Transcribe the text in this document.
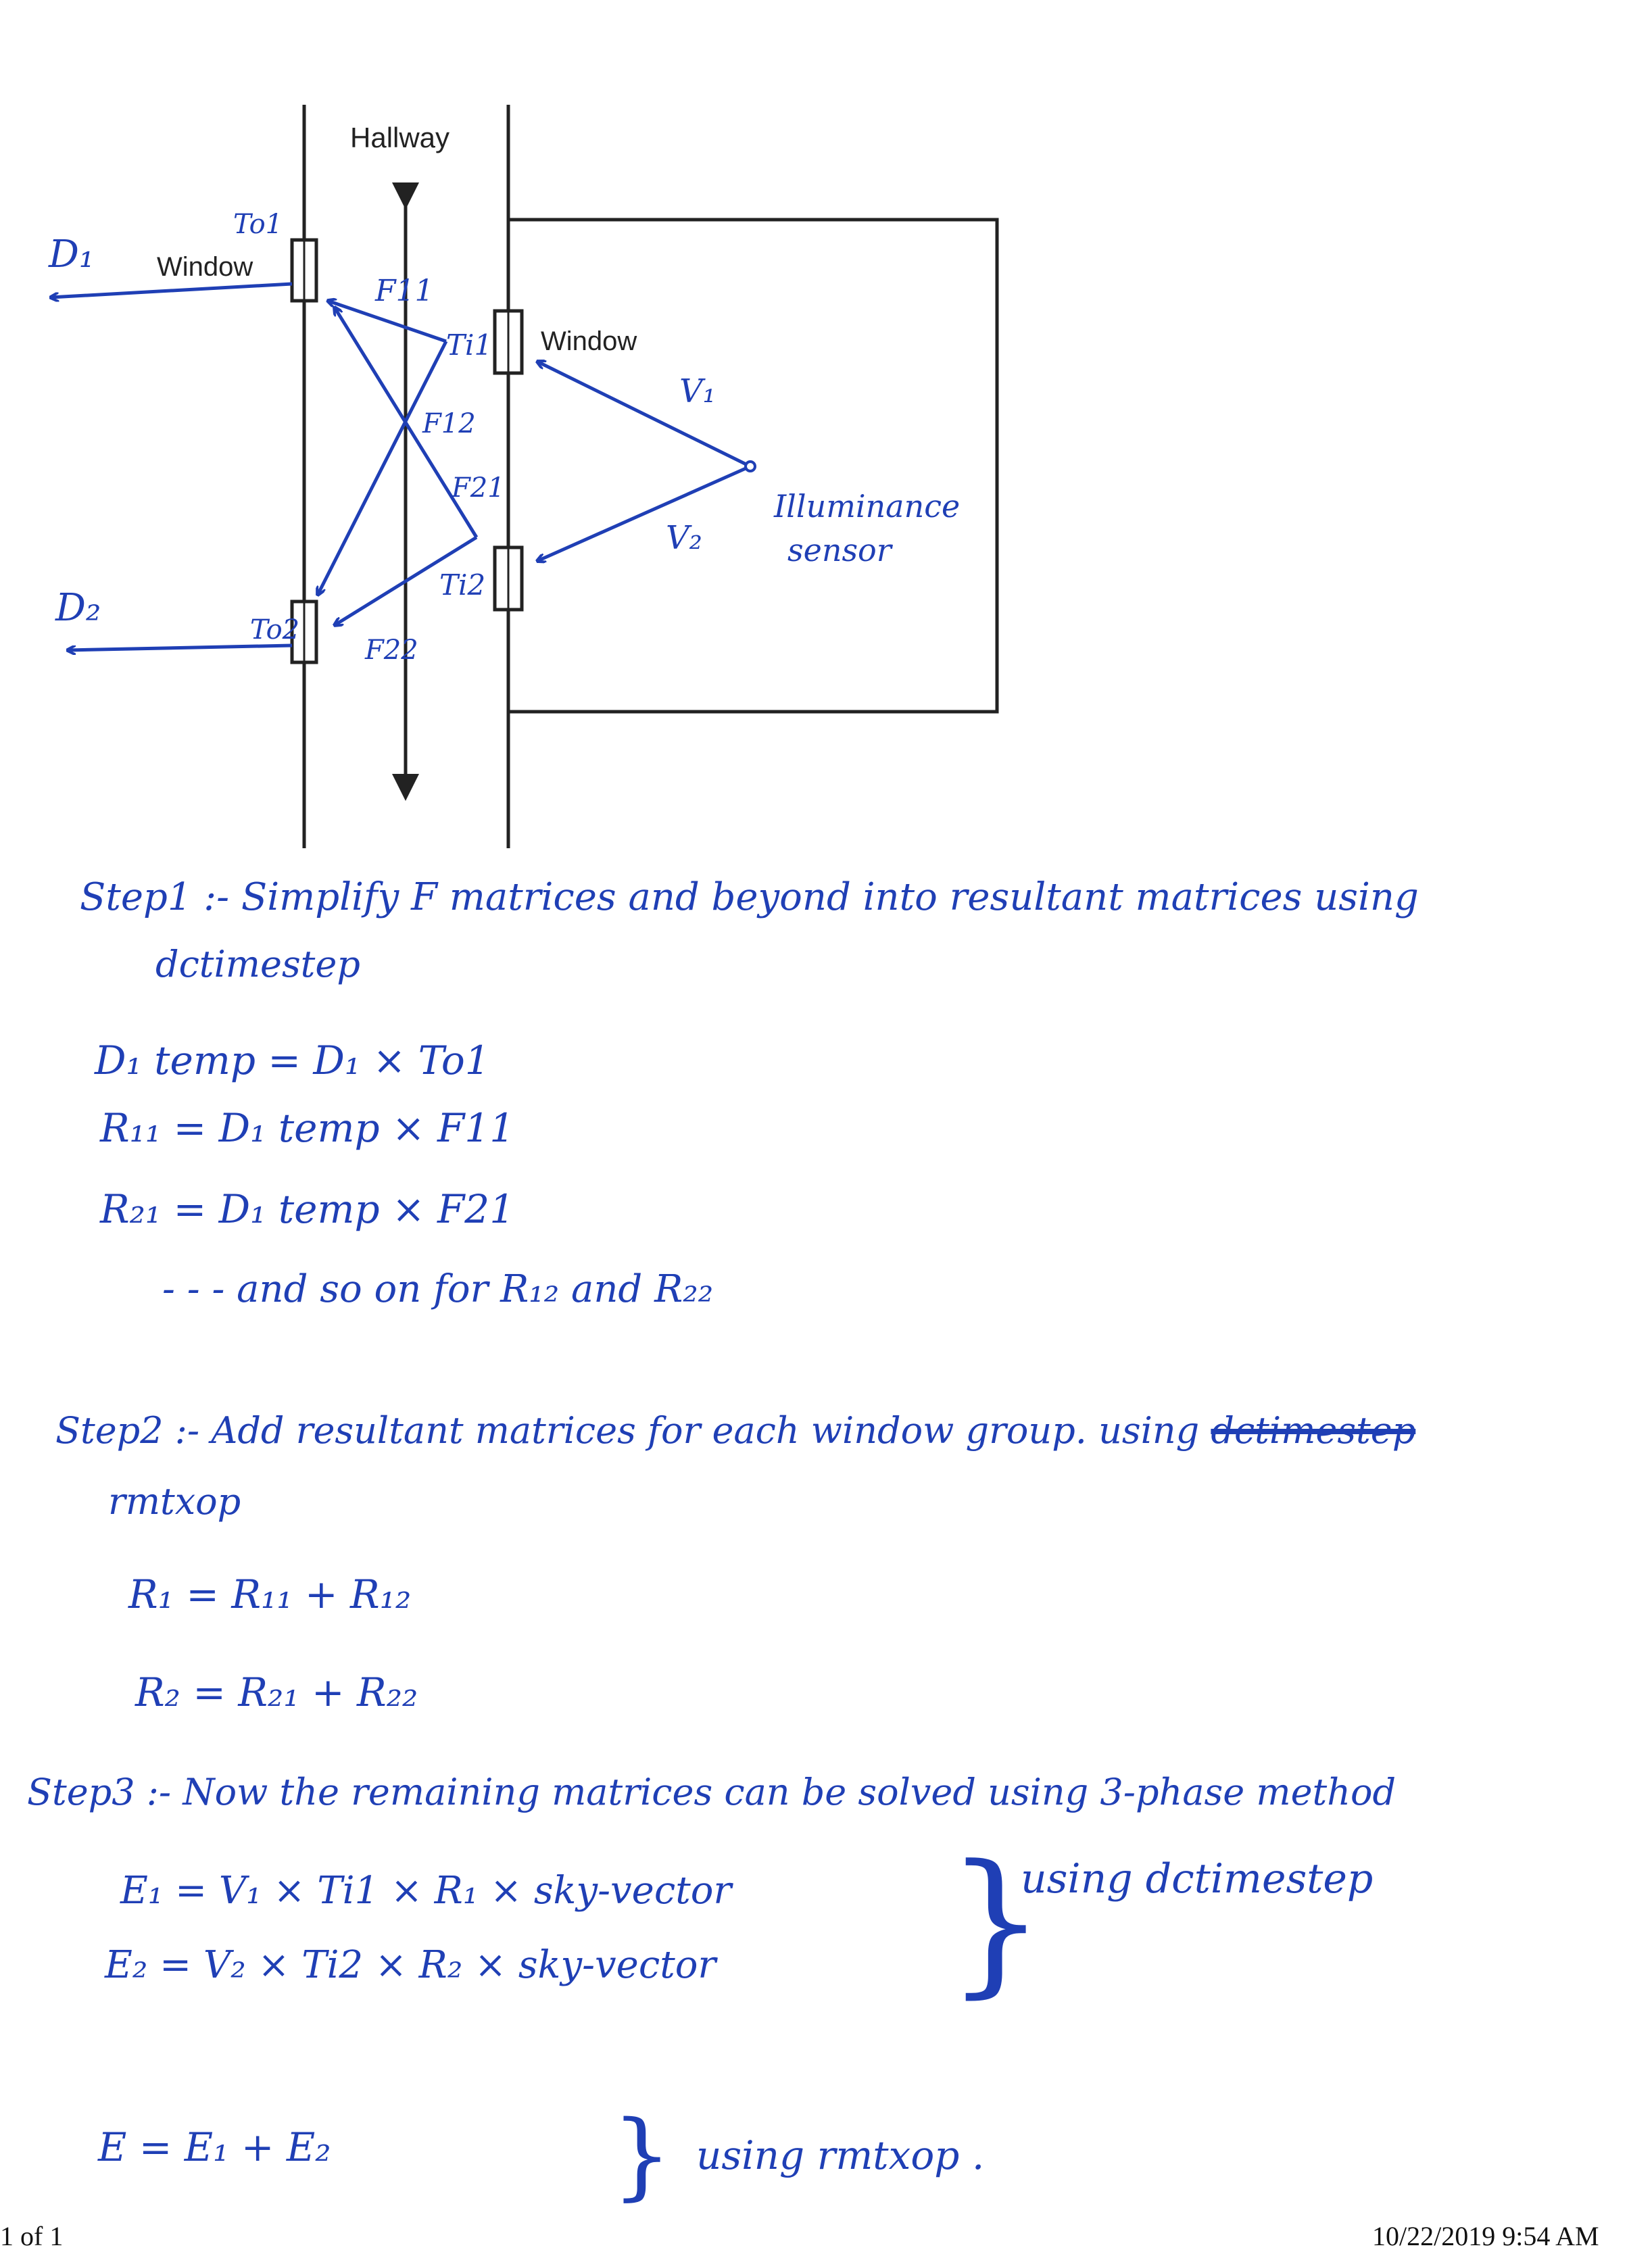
Hallway
Window
Window
D₁
D₂
To1
To2
Ti1
Ti2
F11
F12
F21
F22
V₁
V₂
Illuminance
sensor
Step1 :- Simplify F matrices and beyond into resultant matrices using
dctimestep
D₁ temp = D₁ × To1
R₁₁ = D₁ temp × F11
R₂₁ = D₁ temp × F21
- - - and so on for R₁₂ and R₂₂
Step2 :- Add resultant matrices for each window group. using dctimestep
rmtxop
R₁ = R₁₁ + R₁₂
R₂ = R₂₁ + R₂₂
Step3 :- Now the remaining matrices can be solved using 3-phase method
E₁ = V₁ × Ti1 × R₁ × sky-vector
E₂ = V₂ × Ti2 × R₂ × sky-vector }
using dctimestep
E = E₁ + E₂	} using rmtxop .
1 of 1	10/22/2019 9:54 AM
